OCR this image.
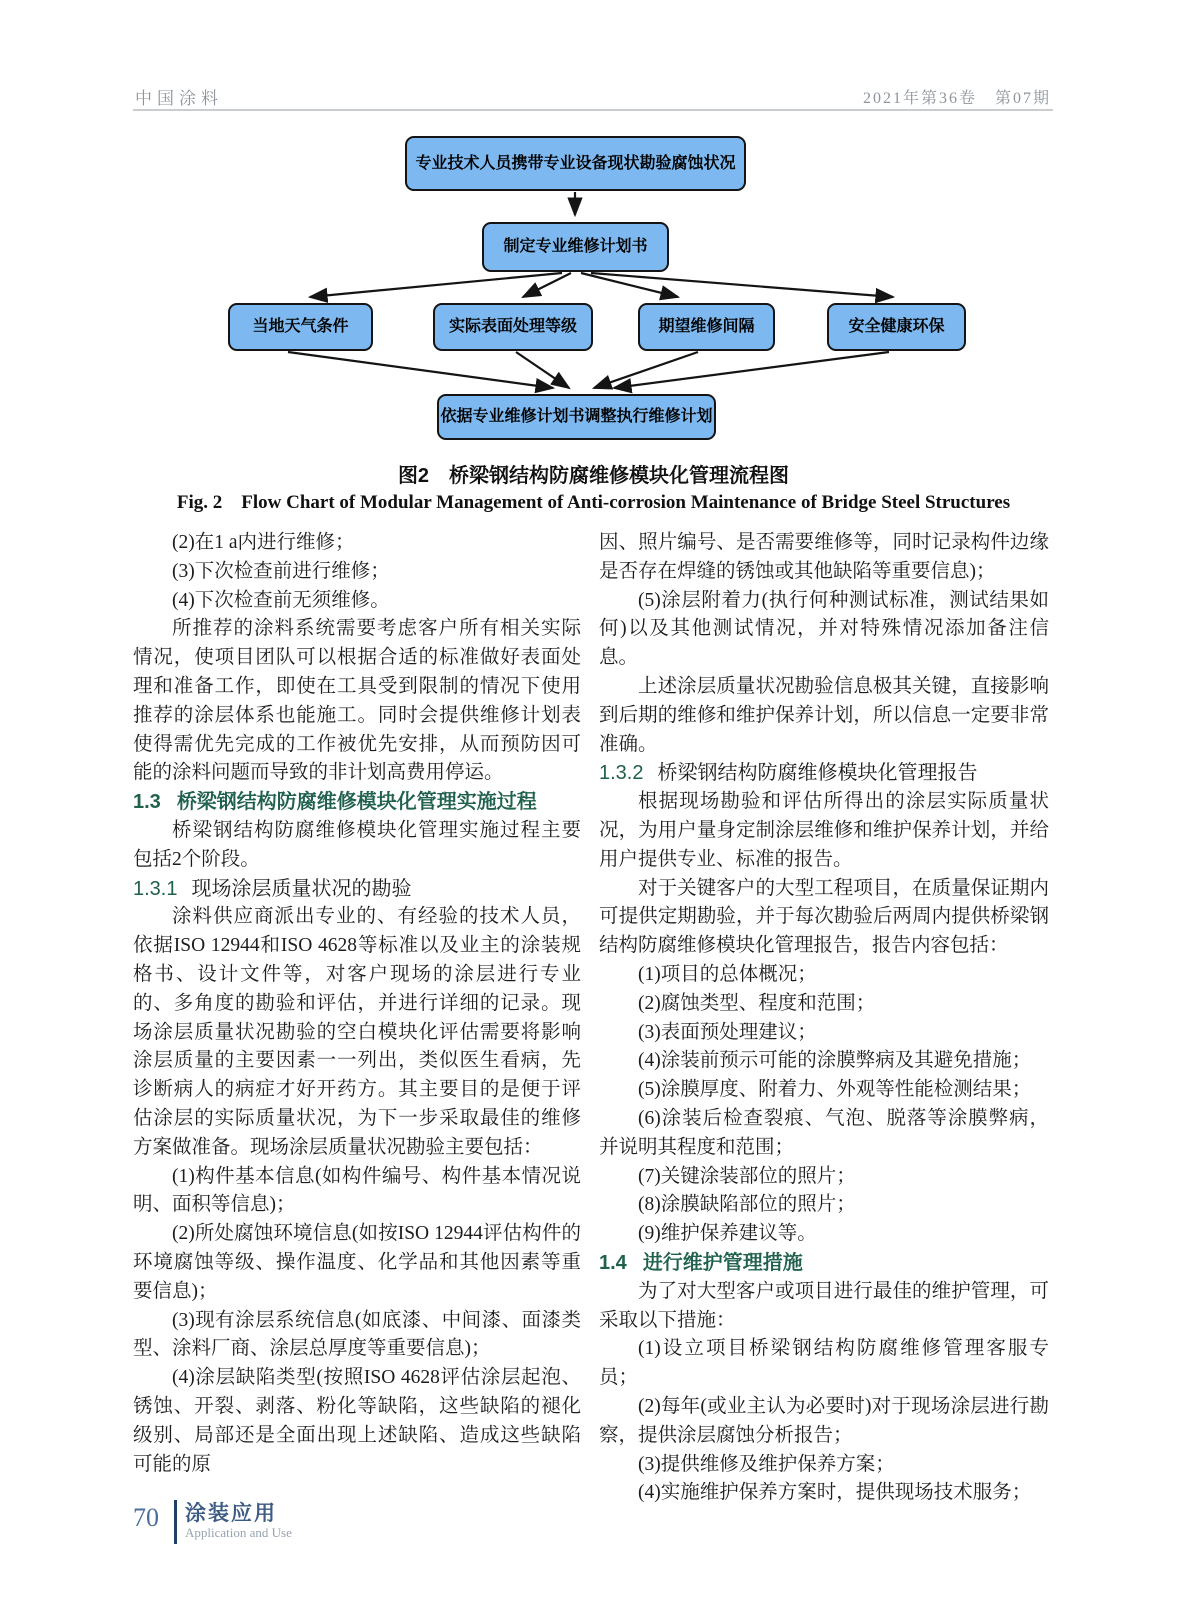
中国涂料	2021年第36卷　第07期
专业技术人员携带专业设备现状勘验腐蚀状况
制定专业维修计划书
当地天气条件	实际表面处理等级	期望维修间隔	安全健康环保
依据专业维修计划书调整执行维修计划
图2　桥梁钢结构防腐维修模块化管理流程图
Fig. 2　Flow Chart of Modular Management of Anti-corrosion Maintenance of Bridge Steel Structures

(2)在1 a内进行维修；

(3)下次检查前进行维修；

(4)下次检查前无须维修。

所推荐的涂料系统需要考虑客户所有相关实际情况，使项目团队可以根据合适的标准做好表面处理和准备工作，即使在工具受到限制的情况下使用推荐的涂层体系也能施工。同时会提供维修计划表使得需优先完成的工作被优先安排，从而预防因可能的涂料问题而导致的非计划高费用停运。

1.3 桥梁钢结构防腐维修模块化管理实施过程

桥梁钢结构防腐维修模块化管理实施过程主要包括2个阶段。

1.3.1 现场涂层质量状况的勘验

涂料供应商派出专业的、有经验的技术人员，依据ISO 12944和ISO 4628等标准以及业主的涂装规格书、设计文件等，对客户现场的涂层进行专业的、多角度的勘验和评估，并进行详细的记录。现场涂层质量状况勘验的空白模块化评估需要将影响涂层质量的主要因素一一列出，类似医生看病，先诊断病人的病症才好开药方。其主要目的是便于评估涂层的实际质量状况，为下一步采取最佳的维修方案做准备。现场涂层质量状况勘验主要包括：

(1)构件基本信息(如构件编号、构件基本情况说明、面积等信息)；

(2)所处腐蚀环境信息(如按ISO 12944评估构件的环境腐蚀等级、操作温度、化学品和其他因素等重要信息)；

(3)现有涂层系统信息(如底漆、中间漆、面漆类型、涂料厂商、涂层总厚度等重要信息)；

(4)涂层缺陷类型(按照ISO 4628评估涂层起泡、锈蚀、开裂、剥落、粉化等缺陷，这些缺陷的褪化级别、局部还是全面出现上述缺陷、造成这些缺陷可能的原

因、照片编号、是否需要维修等，同时记录构件边缘是否存在焊缝的锈蚀或其他缺陷等重要信息)；

(5)涂层附着力(执行何种测试标准，测试结果如何)以及其他测试情况，并对特殊情况添加备注信息。

上述涂层质量状况勘验信息极其关键，直接影响到后期的维修和维护保养计划，所以信息一定要非常准确。

1.3.2 桥梁钢结构防腐维修模块化管理报告

根据现场勘验和评估所得出的涂层实际质量状况，为用户量身定制涂层维修和维护保养计划，并给用户提供专业、标准的报告。

对于关键客户的大型工程项目，在质量保证期内可提供定期勘验，并于每次勘验后两周内提供桥梁钢结构防腐维修模块化管理报告，报告内容包括：

(1)项目的总体概况；

(2)腐蚀类型、程度和范围；

(3)表面预处理建议；

(4)涂装前预示可能的涂膜弊病及其避免措施；

(5)涂膜厚度、附着力、外观等性能检测结果；

(6)涂装后检查裂痕、气泡、脱落等涂膜弊病，并说明其程度和范围；

(7)关键涂装部位的照片；

(8)涂膜缺陷部位的照片；

(9)维护保养建议等。

1.4 进行维护管理措施

为了对大型客户或项目进行最佳的维护管理，可采取以下措施：

(1)设立项目桥梁钢结构防腐维修管理客服专员；

(2)每年(或业主认为必要时)对于现场涂层进行勘察，提供涂层腐蚀分析报告；

(3)提供维修及维护保养方案；

(4)实施维护保养方案时，提供现场技术服务；

70 涂装应用
Application and Use
